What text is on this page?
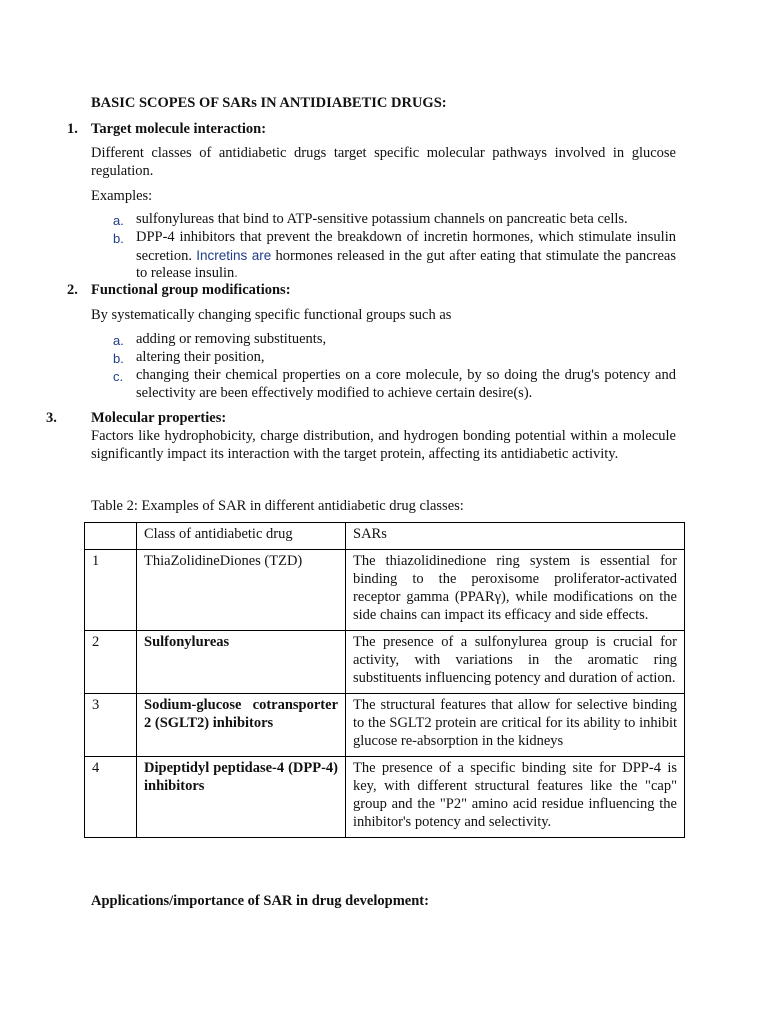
BASIC SCOPES OF SARs IN ANTIDIABETIC DRUGS:
1. Target molecule interaction:
Different classes of antidiabetic drugs target specific molecular pathways involved in glucose regulation.
Examples:
a. sulfonylureas that bind to ATP-sensitive potassium channels on pancreatic beta cells.
b. DPP-4 inhibitors that prevent the breakdown of incretin hormones, which stimulate insulin secretion. Incretins are hormones released in the gut after eating that stimulate the pancreas to release insulin.
2. Functional group modifications:
By systematically changing specific functional groups such as
a. adding or removing substituents,
b. altering their position,
c. changing their chemical properties on a core molecule, by so doing the drug's potency and selectivity are been effectively modified to achieve certain desire(s).
3. Molecular properties:
Factors like hydrophobicity, charge distribution, and hydrogen bonding potential within a molecule significantly impact its interaction with the target protein, affecting its antidiabetic activity.
Table 2: Examples of SAR in different antidiabetic drug classes:
	Class of antidiabetic drug	SARs
1	ThiaZolidineDiones (TZD)	The thiazolidinedione ring system is essential for binding to the peroxisome proliferator-activated receptor gamma (PPARγ), while modifications on the side chains can impact its efficacy and side effects.
2	Sulfonylureas	The presence of a sulfonylurea group is crucial for activity, with variations in the aromatic ring substituents influencing potency and duration of action.
3	Sodium-glucose cotransporter 2 (SGLT2) inhibitors	The structural features that allow for selective binding to the SGLT2 protein are critical for its ability to inhibit glucose re-absorption in the kidneys
4	Dipeptidyl peptidase-4 (DPP-4) inhibitors	The presence of a specific binding site for DPP-4 is key, with different structural features like the "cap" group and the "P2" amino acid residue influencing the inhibitor's potency and selectivity.
Applications/importance of SAR in drug development:
